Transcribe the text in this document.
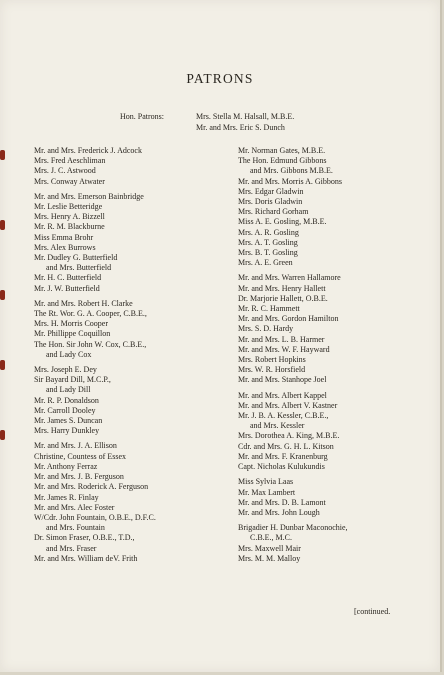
PATRONS
Hon. Patrons:	Mrs. Stella M. Halsall, M.B.E.
Mr. and Mrs. Eric S. Dunch
Mr. and Mrs. Frederick J. Adcock
Mrs. Fred Aeschliman
Mrs. J. C. Astwood
Mrs. Conway Atwater
Mr. and Mrs. Emerson Bainbridge
Mr. Leslie Betteridge
Mrs. Henry A. Bizzell
Mr. R. M. Blackburne
Miss Emma Brohr
Mrs. Alex Burrows
Mr. Dudley G. Butterfield
and Mrs. Butterfield
Mr. H. C. Butterfield
Mr. J. W. Butterfield
Mr. and Mrs. Robert H. Clarke
The Rt. Wor. G. A. Cooper, C.B.E.,
Mrs. H. Morris Cooper
Mr. Phillippe Coquillon
The Hon. Sir John W. Cox, C.B.E.,
and Lady Cox
Mrs. Joseph E. Dey
Sir Bayard Dill, M.C.P.,
and Lady Dill
Mr. R. P. Donaldson
Mr. Carroll Dooley
Mr. James S. Duncan
Mrs. Harry Dunkley
Mr. and Mrs. J. A. Ellison
Christine, Countess of Essex
Mr. Anthony Ferraz
Mr. and Mrs. J. B. Ferguson
Mr. and Mrs. Roderick A. Ferguson
Mr. James R. Finlay
Mr. and Mrs. Alec Foster
W/Cdr. John Fountain, O.B.E., D.F.C.
and Mrs. Fountain
Dr. Simon Fraser, O.B.E., T.D.,
and Mrs. Fraser
Mr. and Mrs. William deV. Frith
Mr. Norman Gates, M.B.E.
The Hon. Edmund Gibbons
and Mrs. Gibbons M.B.E.
Mr. and Mrs. Morris A. Gibbons
Mrs. Edgar Gladwin
Mrs. Doris Gladwin
Mrs. Richard Gorham
Miss A. E. Gosling, M.B.E.
Mrs. A. R. Gosling
Mrs. A. T. Gosling
Mrs. B. T. Gosling
Mrs. A. E. Green
Mr. and Mrs. Warren Hallamore
Mr. and Mrs. Henry Hallett
Dr. Marjorie Hallett, O.B.E.
Mr. R. C. Hammett
Mr. and Mrs. Gordon Hamilton
Mrs. S. D. Hardy
Mr. and Mrs. L. B. Harmer
Mr. and Mrs. W. F. Hayward
Mrs. Robert Hopkins
Mrs. W. R. Horsfield
Mr. and Mrs. Stanhope Joel
Mr. and Mrs. Albert Kappel
Mr. and Mrs. Albert V. Kastner
Mr. J. B. A. Kessler, C.B.E.,
and Mrs. Kessler
Mrs. Dorothea A. King, M.B.E.
Cdr. and Mrs. G. H. L. Kitson
Mr. and Mrs. F. Kranenburg
Capt. Nicholas Kulukundis
Miss Sylvia Laas
Mr. Max Lambert
Mr. and Mrs. D. B. Lamont
Mr. and Mrs. John Lough
Brigadier H. Dunbar Maconochie,
C.B.E., M.C.
Mrs. Maxwell Mair
Mrs. M. M. Malloy
[continued.
